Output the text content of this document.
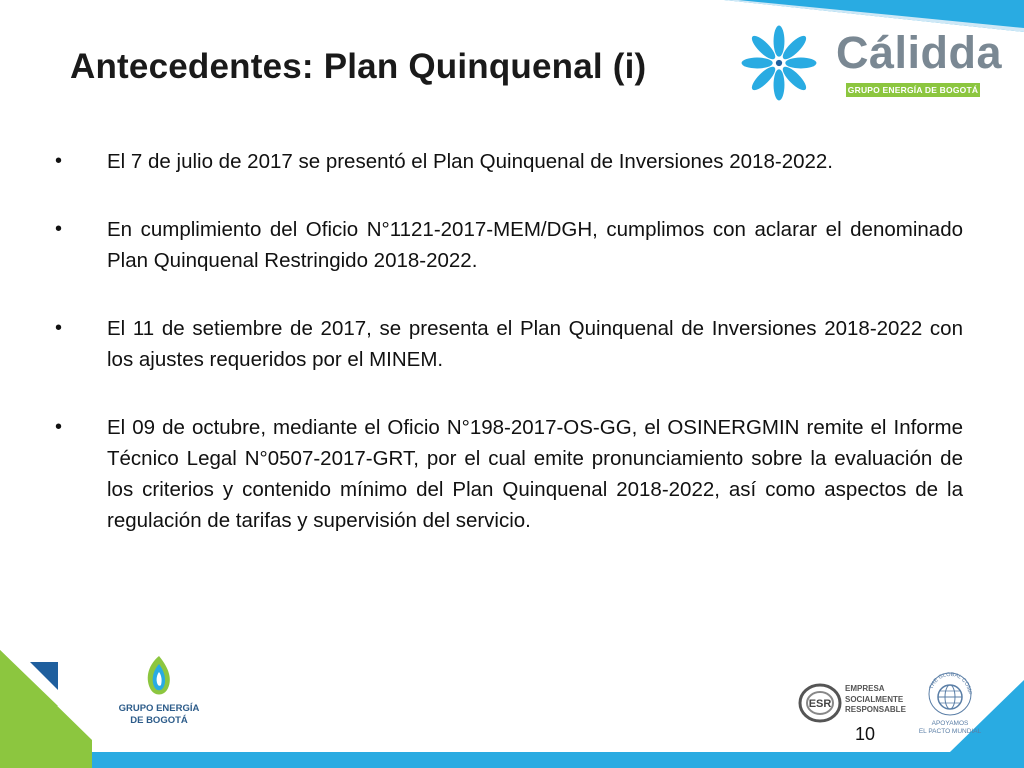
Antecedentes: Plan Quinquenal (i)	Cálidda
GRUPO ENERGÍA DE BOGOTÁ
• El 7 de julio de 2017 se presentó el Plan Quinquenal de Inversiones 2018-2022.
• En cumplimiento del Oficio N°1121-2017-MEM/DGH, cumplimos con aclarar el denominado Plan Quinquenal Restringido 2018-2022.
• El 11 de setiembre de 2017, se presenta el Plan Quinquenal de Inversiones 2018-2022 con los ajustes requeridos por el MINEM.
• El 09 de octubre, mediante el Oficio N°198-2017-OS-GG, el OSINERGMIN remite el Informe Técnico Legal N°0507-2017-GRT, por el cual emite pronunciamiento sobre la evaluación de los criterios y contenido mínimo del Plan Quinquenal 2018-2022, así como aspectos de la regulación de tarifas y supervisión del servicio.
GRUPO ENERGÍA
DE BOGOTÁ
ESR
EMPRESA
SOCIALMENTE
RESPONSABLE
THE GLOBAL COMP
APOYAMOS
EL PACTO MUNDIAL
10
